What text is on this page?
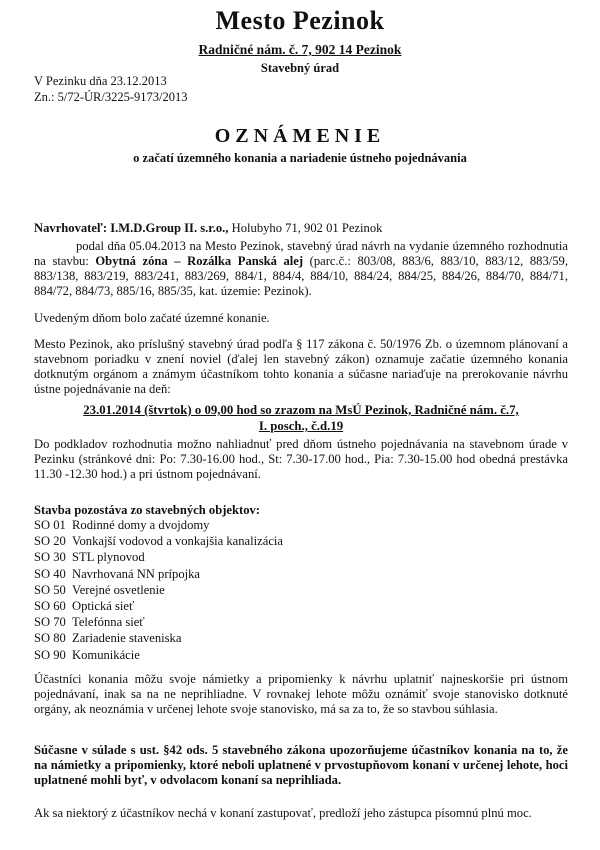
Mesto Pezinok
Radničné nám. č. 7, 902 14 Pezinok
Stavebný úrad
V Pezinku dňa 23.12.2013
Zn.: 5/72-ÚR/3225-9173/2013
OZNÁMENIE
o začatí územného konania a nariadenie ústneho pojednávania
Navrhovateľ: I.M.D.Group II. s.r.o., Holubyho 71, 902 01 Pezinok
podal dňa 05.04.2013 na Mesto Pezinok, stavebný úrad návrh na vydanie územného rozhodnutia na stavbu: Obytná zóna – Rozálka Panská alej (parc.č.: 803/08, 883/6, 883/10, 883/12, 883/59, 883/138, 883/219, 883/241, 883/269, 884/1, 884/4, 884/10, 884/24, 884/25, 884/26, 884/70, 884/71, 884/72, 884/73, 885/16, 885/35, kat. územie: Pezinok).
Uvedeným dňom bolo začaté územné konanie.
Mesto Pezinok, ako príslušný stavebný úrad podľa § 117 zákona č. 50/1976 Zb. o územnom plánovaní a stavebnom poriadku v znení noviel (ďalej len stavebný zákon) oznamuje začatie územného konania dotknutým orgánom a známym účastníkom tohto konania a súčasne nariaďuje na prerokovanie návrhu ústne pojednávanie na deň:
23.01.2014 (štvrtok) o 09,00 hod so zrazom na MsÚ Pezinok, Radničné nám. č.7,
I. posch., č.d.19
Do podkladov rozhodnutia možno nahliadnuť pred dňom ústneho pojednávania na stavebnom úrade v Pezinku (stránkové dni: Po: 7.30-16.00 hod., St: 7.30-17.00 hod., Pia: 7.30-15.00 hod obedná prestávka 11.30 -12.30 hod.) a pri ústnom pojednávaní.
Stavba pozostáva zo stavebných objektov:
SO 01 Rodinné domy a dvojdomy
SO 20 Vonkajší vodovod a vonkajšia kanalizácia
SO 30 STL plynovod
SO 40 Navrhovaná NN prípojka
SO 50 Verejné osvetlenie
SO 60 Optická sieť
SO 70 Telefónna sieť
SO 80 Zariadenie staveniska
SO 90 Komunikácie
Účastníci konania môžu svoje námietky a pripomienky k návrhu uplatniť najneskoršie pri ústnom pojednávaní, inak sa na ne neprihliadne. V rovnakej lehote môžu oznámiť svoje stanovisko dotknuté orgány, ak neoznámia v určenej lehote svoje stanovisko, má sa za to, že so stavbou súhlasia.
Súčasne v súlade s ust. §42 ods. 5 stavebného zákona upozorňujeme účastníkov konania na to, že na námietky a pripomienky, ktoré neboli uplatnené v prvostupňovom konaní v určenej lehote, hoci uplatnené mohli byť, v odvolacom konaní sa neprihliada.
Ak sa niektorý z účastníkov nechá v konaní zastupovať, predloží jeho zástupca písomnú plnú moc.
